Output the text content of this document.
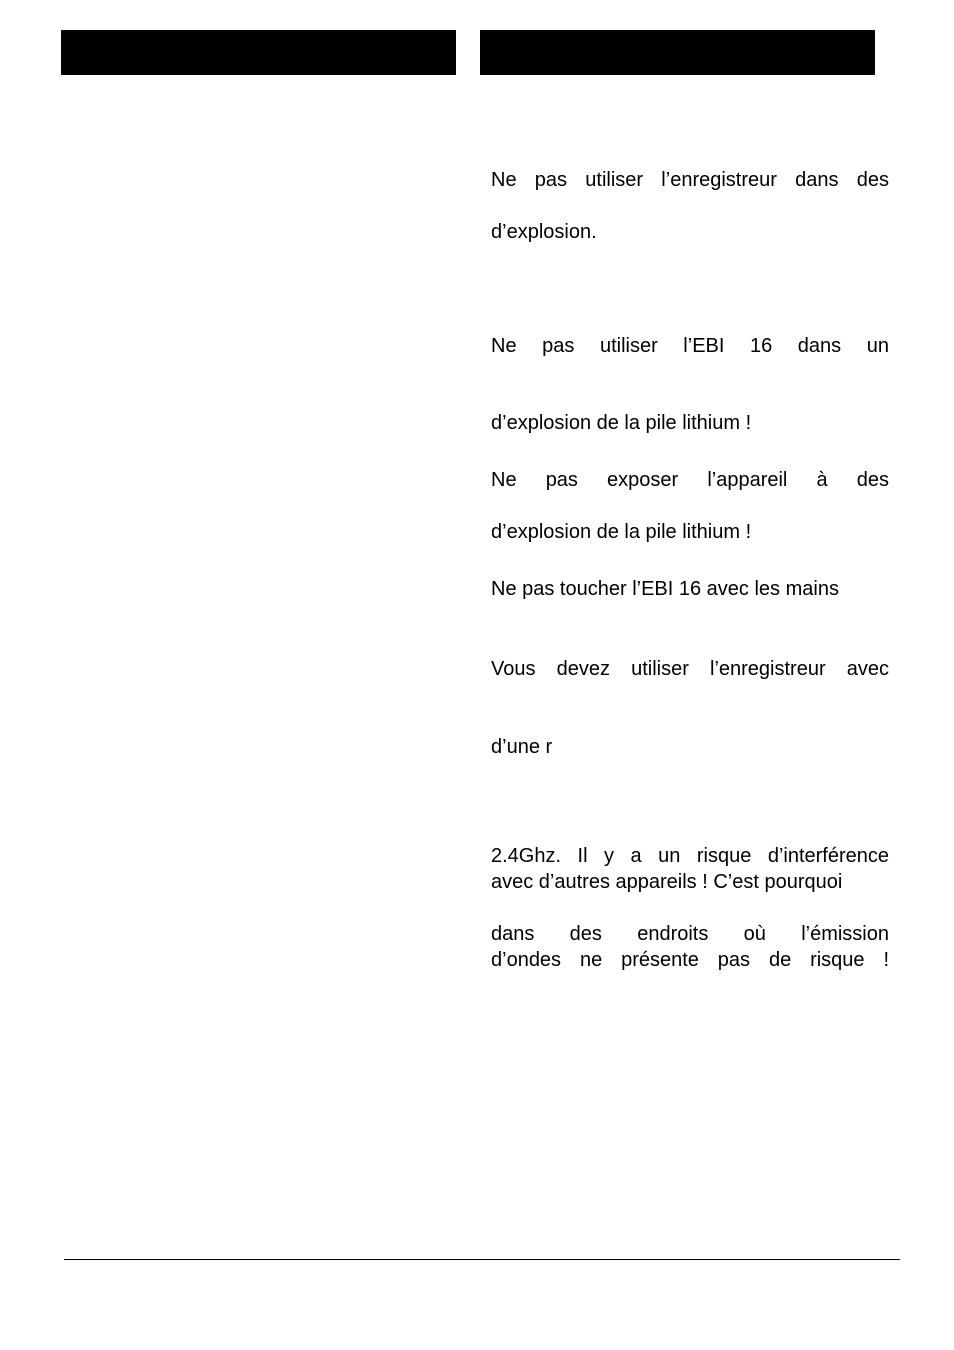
Ne pas utiliser l’enregistreur dans des
d’explosion.
Ne pas utiliser l’EBI 16 dans un
d’explosion de la pile lithium !
Ne pas exposer l’appareil à des
d’explosion de la pile lithium !
Ne pas toucher l’EBI 16 avec les mains
Vous devez utiliser l’enregistreur avec
d’une r
2.4Ghz. Il y a un risque d’interférence
avec d’autres appareils ! C’est pourquoi
dans des endroits où l’émission
d’ondes ne présente pas de risque !
